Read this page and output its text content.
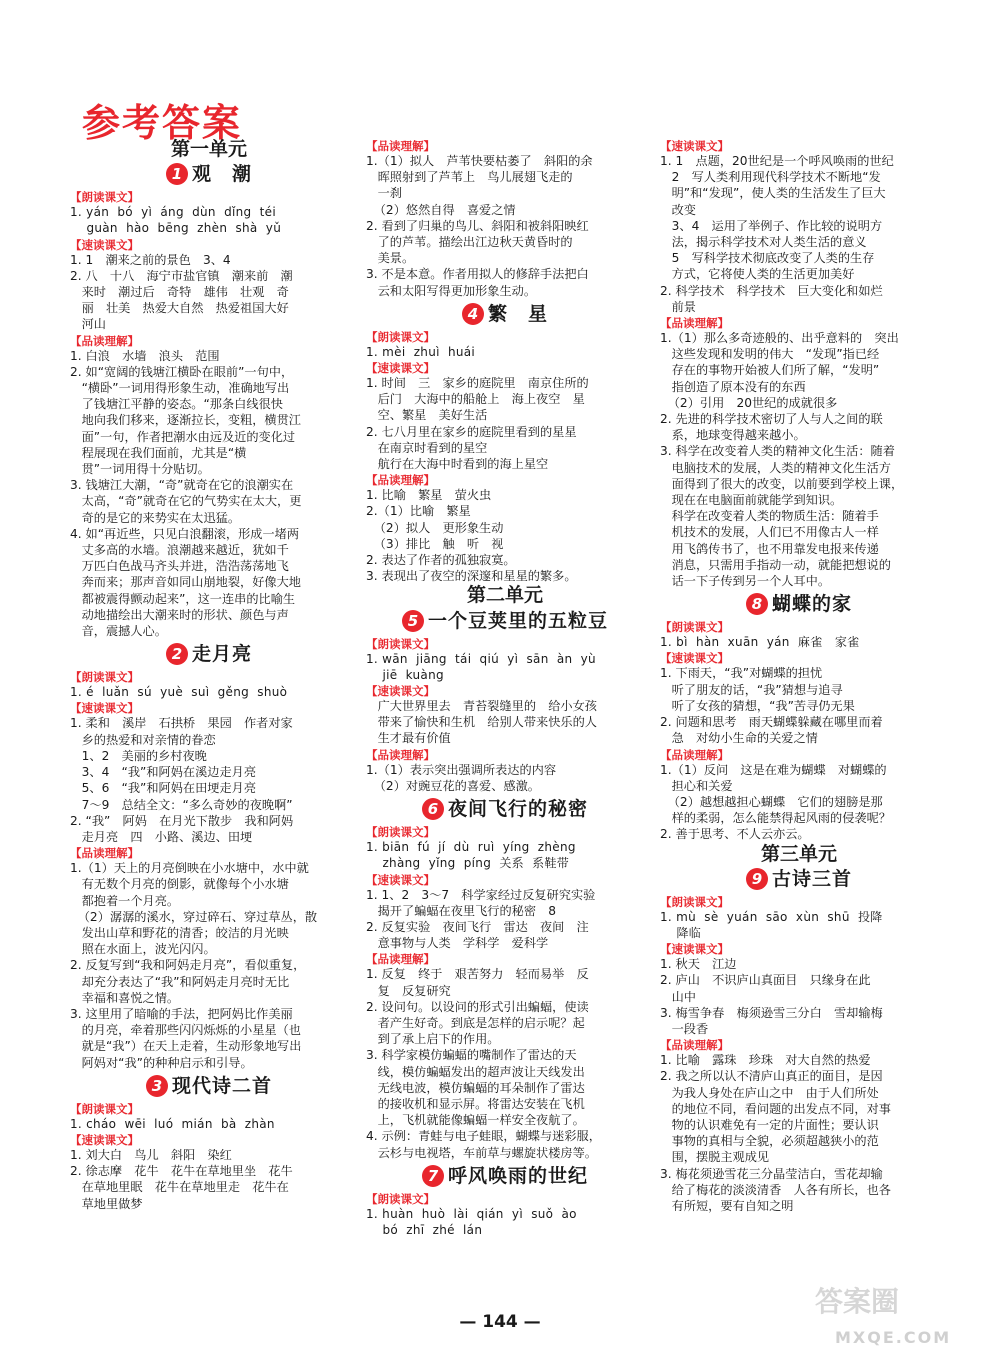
参考答案
第一单元
1 观　潮
【朗读课文】
1. yán  bó  yì  áng  dùn  dǐng  téi
guàn  hào  bēng  zhèn  shà  yǔ
【速读课文】
1. 1　潮来之前的景色　3、4
2. 八　十八　海宁市盐官镇　潮来前　潮
来时　潮过后　奇特　雄伟　壮观　奇
丽　壮美　热爱大自然　热爱祖国大好
河山
【品读理解】
1. 白浪　水墙　浪头　范围
2. 如“宽阔的钱塘江横卧在眼前”一句中，
“横卧”一词用得形象生动，准确地写出
了钱塘江平静的姿态。“那条白线很快
地向我们移来，逐渐拉长，变粗，横贯江
面”一句，作者把潮水由远及近的变化过
程展现在我们面前，尤其是“横
贯”一词用得十分贴切。
3. 钱塘江大潮，“奇”就奇在它的浪潮实在
太高，“奇”就奇在它的气势实在太大，更
奇的是它的来势实在太迅猛。
4. 如“再近些，只见白浪翻滚，形成一堵两
丈多高的水墙。浪潮越来越近，犹如千
万匹白色战马齐头并进，浩浩荡荡地飞
奔而来；那声音如同山崩地裂，好像大地
都被震得颤动起来”，这一连串的比喻生
动地描绘出大潮来时的形状、颜色与声
音，震撼人心。
2 走月亮
【朗读课文】
1. é  luǎn  sú  yuè  suì  gěng  shuò
【速读课文】
1. 柔和　溪岸　石拱桥　果园　作者对家
乡的热爱和对亲情的眷恋
1、2　美丽的乡村夜晚
3、4　“我”和阿妈在溪边走月亮
5、6　“我”和阿妈在田埂走月亮
7～9　总结全文：“多么奇妙的夜晚啊”
2. “我”　阿妈　在月光下散步　我和阿妈
走月亮　四　小路、溪边、田埂
【品读理解】
1.（1）天上的月亮倒映在小水塘中，水中就
有无数个月亮的倒影，就像每个小水塘
都抱着一个月亮。
（2）潺潺的溪水，穿过碎石、穿过草丛，散
发出山草和野花的清香；皎洁的月光映
照在水面上，波光闪闪。
2. 反复写到“我和阿妈走月亮”，看似重复，
却充分表达了“我”和阿妈走月亮时无比
幸福和喜悦之情。
3. 这里用了暗喻的手法，把阿妈比作美丽
的月亮，牵着那些闪闪烁烁的小星星（也
就是“我”）在天上走着，生动形象地写出
阿妈对“我”的种种启示和引导。
3 现代诗二首
【朗读课文】
1. cháo  wēi  luó  mián  bà  zhàn
【速读课文】
1. 刘大白　鸟儿　斜阳　染红
2. 徐志摩　花牛　花牛在草地里坐　花牛
在草地里眠　花牛在草地里走　花牛在
草地里做梦
【品读理解】
1.（1）拟人　芦苇快要枯萎了　斜阳的余
晖照射到了芦苇上　鸟儿展翅飞走的
一刹
（2）悠然自得　喜爱之情
2. 看到了归巢的鸟儿、斜阳和被斜阳映红
了的芦苇。描绘出江边秋天黄昏时的
美景。
3. 不是本意。作者用拟人的修辞手法把白
云和太阳写得更加形象生动。
4 繁　星
【朗读课文】
1. mèi  zhuì  huái
【速读课文】
1. 时间　三　家乡的庭院里　南京住所的
后门　大海中的船舱上　海上夜空　星
空、繁星　美好生活
2. 七八月里在家乡的庭院里看到的星星
在南京时看到的星空
航行在大海中时看到的海上星空
【品读理解】
1. 比喻　繁星　萤火虫
2.（1）比喻　繁星
（2）拟人　更形象生动
（3）排比　触　听　视
2. 表达了作者的孤独寂寞。
3. 表现出了夜空的深邃和星星的繁多。
第二单元
5 一个豆荚里的五粒豆
【朗读课文】
1. wān  jiāng  tái  qiú  yì  sān  àn  yù
jiē  kuàng
【速读课文】
广大世界里去　青苔裂缝里的　给小女孩
带来了愉快和生机　给别人带来快乐的人
生才最有价值
【品读理解】
1.（1）表示突出强调所表达的内容
（2）对豌豆花的喜爱、感激。
6 夜间飞行的秘密
【朗读课文】
1. biān  fú  jí  dù  ruì  yíng  zhèng
zhàng  yǐng  píng  关系  系鞋带
【速读课文】
1. 1、2　3～7　科学家经过反复研究实验
揭开了蝙蝠在夜里飞行的秘密　8
2. 反复实验　夜间飞行　雷达　夜间　注
意事物与人类　学科学　爱科学
【品读理解】
1. 反复　终于　艰苦努力　轻而易举　反
复　反复研究
2. 设问句。以设问的形式引出蝙蝠，使读
者产生好奇。到底是怎样的启示呢？起
到了承上启下的作用。
3. 科学家模仿蝙蝠的嘴制作了雷达的天
线，模仿蝙蝠发出的超声波让天线发出
无线电波，模仿蝙蝠的耳朵制作了雷达
的接收机和显示屏。将雷达安装在飞机
上，飞机就能像蝙蝠一样安全夜航了。
4. 示例：青蛙与电子蛙眼，蝴蝶与迷彩服，
云杉与电视塔，车前草与螺旋状楼房等。
7 呼风唤雨的世纪
【朗读课文】
1. huàn  huò  lài  qián  yì  suǒ  ào
bó  zhī  zhé  lán
【速读课文】
1. 1　点题，20世纪是一个呼风唤雨的世纪
2　写人类利用现代科学技术不断地“发
明”和“发现”，使人类的生活发生了巨大
改变
3、4　运用了举例子、作比较的说明方
法，揭示科学技术对人类生活的意义
5　写科学技术彻底改变了人类的生存
方式，它将使人类的生活更加美好
2. 科学技术　科学技术　巨大变化和如烂
前景
【品读理解】
1.（1）那么多奇迹般的、出乎意料的　突出
这些发现和发明的伟大　“发现”指已经
存在的事物开始被人们所了解，“发明”
指创造了原本没有的东西
（2）引用　20世纪的成就很多
2. 先进的科学技术密切了人与人之间的联
系，地球变得越来越小。
3. 科学在改变着人类的精神文化生活：随着
电脑技术的发展，人类的精神文化生活方
面得到了很大的改变，以前要到学校上课，
现在在电脑面前就能学到知识。
科学在改变着人类的物质生活：随着手
机技术的发展，人们已不用像古人一样
用飞鸽传书了，也不用靠发电报来传递
消息，只需用手指动一动，就能把想说的
话一下子传到另一个人耳中。
8 蝴蝶的家
【朗读课文】
1. bì  hàn  xuān  yán  麻雀　家雀
【速读课文】
1. 下雨天，“我”对蝴蝶的担忧
听了朋友的话，“我”猜想与追寻
听了女孩的猜想，“我”苦寻仍无果
2. 问题和思考　雨天蝴蝶躲藏在哪里而着
急　对幼小生命的关爱之情
【品读理解】
1.（1）反问　这是在难为蝴蝶　对蝴蝶的
担心和关爱
（2）越想越担心蝴蝶　它们的翅膀是那
样的柔弱，怎么能禁得起风雨的侵袭呢？
2. 善于思考、不人云亦云。
第三单元
9 古诗三首
【朗读课文】
1. mù  sè  yuán  sāo  xùn  shū  投降
降临
【速读课文】
1. 秋天　江边
2. 庐山　不识庐山真面目　只缘身在此
山中
3. 梅雪争春　梅须逊雪三分白　雪却输梅
一段香
【品读理解】
1. 比喻　露珠　珍珠　对大自然的热爱
2. 我之所以认不清庐山真正的面目，是因
为我人身处在庐山之中　由于人们所处
的地位不同，看问题的出发点不同，对事
物的认识难免有一定的片面性；要认识
事物的真相与全貌，必须超越狭小的范
围，摆脱主观成见
3. 梅花须逊雪花三分晶莹洁白，雪花却输
给了梅花的淡淡清香　人各有所长，也各
有所短，要有自知之明
— 144 —
答案圈
MXQE.COM
